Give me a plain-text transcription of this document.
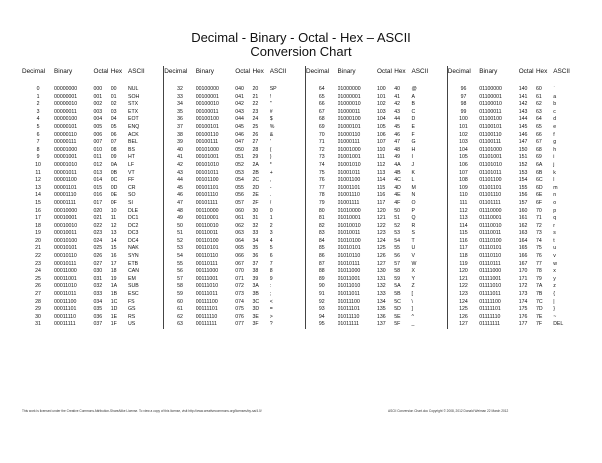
Decimal - Binary - Octal - Hex – ASCII
Conversion Chart
Decimal	Binary	Octal	Hex	ASCII		Decimal	Binary	Octal	Hex	ASCII		Decimal	Binary	Octal	Hex	ASCII		Decimal	Binary	Octal	Hex	ASCII

0	00000000	000	00	NUL		32	00100000	040	20	SP		64	01000000	100	40	@		96	01100000	140	60	`
1	00000001	001	01	SOH		33	00100001	041	21	!		65	01000001	101	41	A		97	01100001	141	61	a
2	00000010	002	02	STX		34	00100010	042	22	"		66	01000010	102	42	B		98	01100010	142	62	b
3	00000011	003	03	ETX		35	00100011	043	23	#		67	01000011	103	43	C		99	01100011	143	63	c
4	00000100	004	04	EOT		36	00100100	044	24	$		68	01000100	104	44	D		100	01100100	144	64	d
5	00000101	005	05	ENQ		37	00100101	045	25	%		69	01000101	105	45	E		101	01100101	145	65	e
6	00000110	006	06	ACK		38	00100110	046	26	&		70	01000110	106	46	F		102	01100110	146	66	f
7	00000111	007	07	BEL		39	00100111	047	27	'		71	01000111	107	47	G		103	01100111	147	67	g
8	00001000	010	08	BS		40	00101000	050	28	(		72	01001000	110	48	H		104	01101000	150	68	h
9	00001001	011	09	HT		41	00101001	051	29	)		73	01001001	111	49	I		105	01101001	151	69	i
10	00001010	012	0A	LF		42	00101010	052	2A	*		74	01001010	112	4A	J		106	01101010	152	6A	j
11	00001011	013	0B	VT		43	00101011	053	2B	+		75	01001011	113	4B	K		107	01101011	153	6B	k
12	00001100	014	0C	FF		44	00101100	054	2C	,		76	01001100	114	4C	L		108	01101100	154	6C	l
13	00001101	015	0D	CR		45	00101101	055	2D	-		77	01001101	115	4D	M		109	01101101	155	6D	m
14	00001110	016	0E	SO		46	00101110	056	2E	.		78	01001110	116	4E	N		110	01101110	156	6E	n
15	00001111	017	0F	SI		47	00101111	057	2F	/		79	01001111	117	4F	O		111	01101111	157	6F	o
16	00010000	020	10	DLE		48	00110000	060	30	0		80	01010000	120	50	P		112	01110000	160	70	p
17	00010001	021	11	DC1		49	00110001	061	31	1		81	01010001	121	51	Q		113	01110001	161	71	q
18	00010010	022	12	DC2		50	00110010	062	32	2		82	01010010	122	52	R		114	01110010	162	72	r
19	00010011	023	13	DC3		51	00110011	063	33	3		83	01010011	123	53	S		115	01110011	163	73	s
20	00010100	024	14	DC4		52	00110100	064	34	4		84	01010100	124	54	T		116	01110100	164	74	t
21	00010101	025	15	NAK		53	00110101	065	35	5		85	01010101	125	55	U		117	01110101	165	75	u
22	00010110	026	16	SYN		54	00110110	066	36	6		86	01010110	126	56	V		118	01110110	166	76	v
23	00010111	027	17	ETB		55	00110111	067	37	7		87	01010111	127	57	W		119	01110111	167	77	w
24	00011000	030	18	CAN		56	00111000	070	38	8		88	01011000	130	58	X		120	01111000	170	78	x
25	00011001	031	19	EM		57	00111001	071	39	9		89	01011001	131	59	Y		121	01111001	171	79	y
26	00011010	032	1A	SUB		58	00111010	072	3A	:		90	01011010	132	5A	Z		122	01111010	172	7A	z
27	00011011	033	1B	ESC		59	00111011	073	3B	;		91	01011011	133	5B	[		123	01111011	173	7B	{
28	00011100	034	1C	FS		60	00111100	074	3C	<		92	01011100	134	5C	\		124	01111100	174	7C	|
29	00011101	035	1D	GS		61	00111101	075	3D	=		93	01011101	135	5D	]		125	01111101	175	7D	}
30	00011110	036	1E	RS		62	00111110	076	3E	>		94	01011110	136	5E	^		126	01111110	176	7E	~
31	00011111	037	1F	US		63	00111111	077	3F	?		95	01011111	137	5F	_		127	01111111	177	7F	DEL
This work is licensed under the Creative Commons Attribution-ShareAlike License. To view a copy of this license, visit http://www.creativecommons.org/licenses/by-sa/4.0/	ASCII Conversion Chart.doc Copyright © 2008, 2012 Donald Weiman 22 March 2012
